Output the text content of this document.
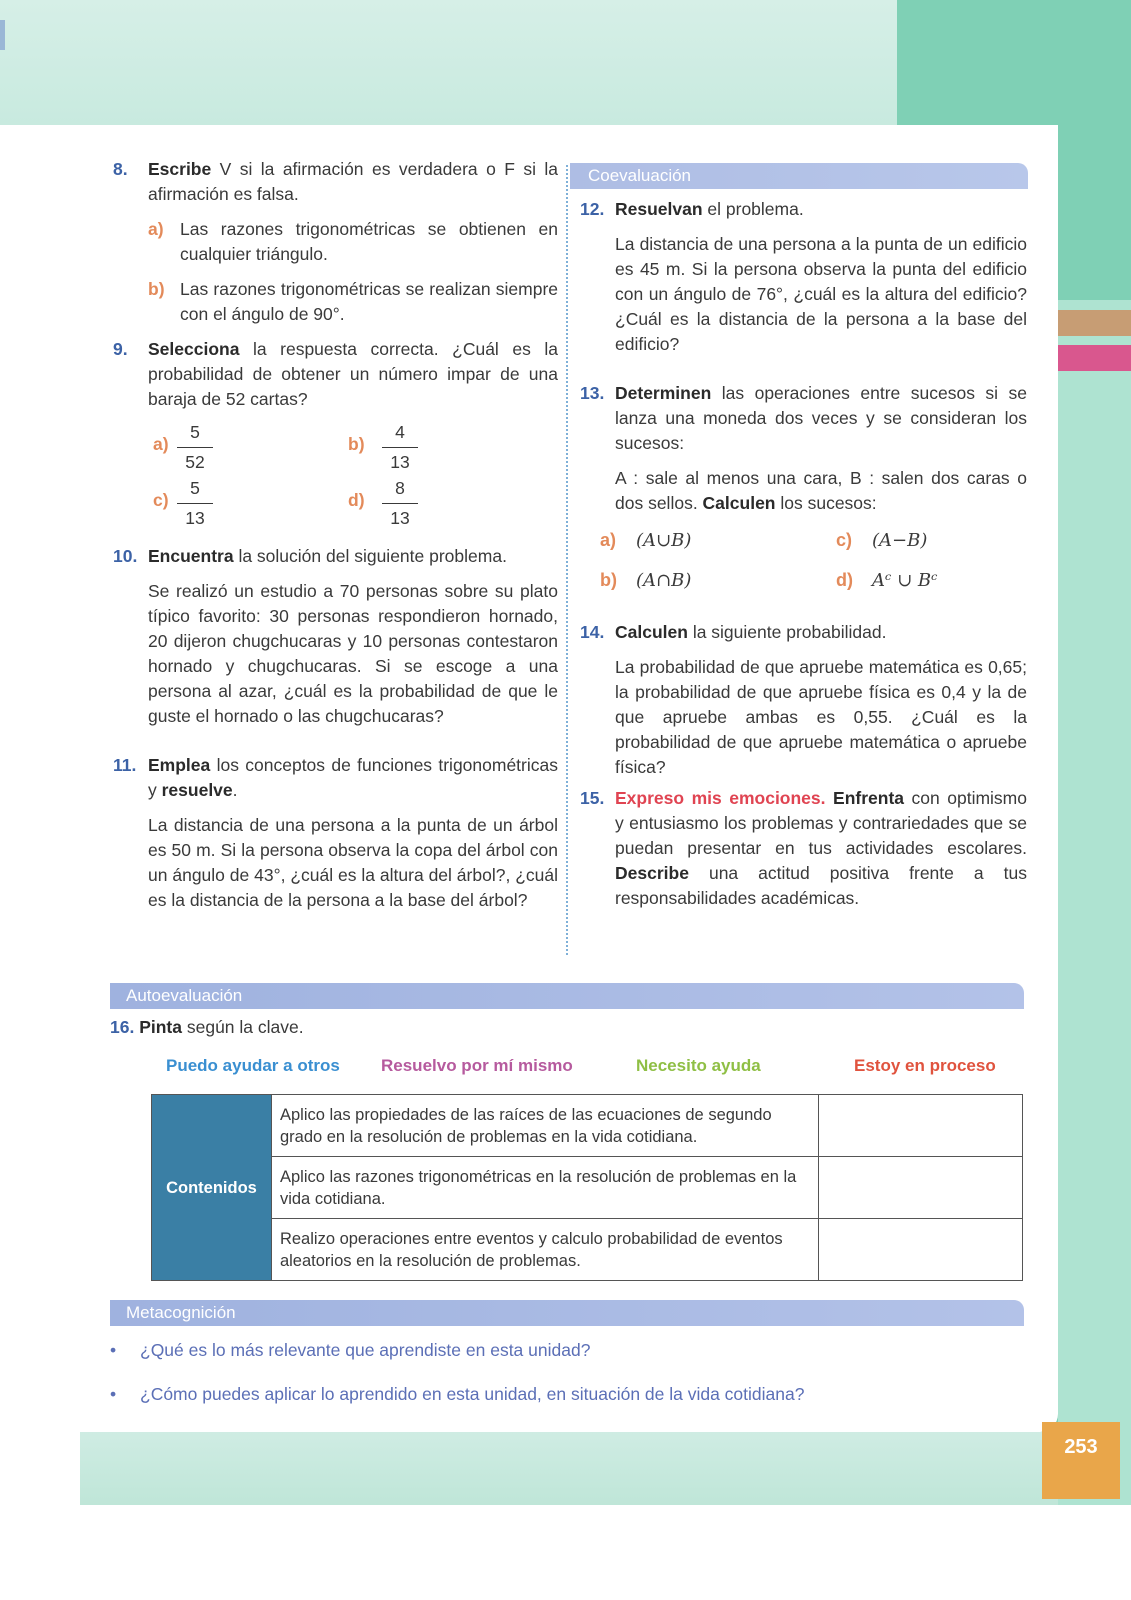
253
Coevaluación
8. Escribe V si la afirmación es verdadera o F si la afirmación es falsa.
a) Las razones trigonométricas se obtienen en cualquier triángulo.
b) Las razones trigonométricas se realizan siempre con el ángulo de 90°.
9. Selecciona la respuesta correcta. ¿Cuál es la probabilidad de obtener un número impar de una baraja de 52 cartas?
$a) \frac{5}{52}$	$b) \frac{4}{13}$
$c) \frac{5}{13}$	$d) \frac{8}{13}$
10. Encuentra la solución del siguiente problema.
Se realizó un estudio a 70 personas sobre su plato típico favorito: 30 personas respondieron hornado, 20 dijeron chugchucaras y 10 personas contestaron hornado y chugchucaras. Si se escoge a una persona al azar, ¿cuál es la probabilidad de que le guste el hornado o las chugchucaras?
11. Emplea los conceptos de funciones trigonométricas y resuelve.
La distancia de una persona a la punta de un árbol es 50 m. Si la persona observa la copa del árbol con un ángulo de 43°, ¿cuál es la altura del árbol?, ¿cuál es la distancia de la persona a la base del árbol?
12. Resuelvan el problema.
La distancia de una persona a la punta de un edificio es 45 m. Si la persona observa la punta del edificio con un ángulo de 76°, ¿cuál es la altura del edificio? ¿Cuál es la distancia de la persona a la base del edificio?
13. Determinen las operaciones entre sucesos si se lanza una moneda dos veces y se consideran los sucesos:
A : sale al menos una cara, B : salen dos caras o dos sellos. Calculen los sucesos:
a) (A∪B)	c) (A−B)
b) (A∩B)	d) Aᶜ ∪ Bᶜ
14. Calculen la siguiente probabilidad.
La probabilidad de que apruebe matemática es 0,65; la probabilidad de que apruebe física es 0,4 y la de que apruebe ambas es 0,55. ¿Cuál es la probabilidad de que apruebe matemática o apruebe física?
15. Expreso mis emociones. Enfrenta con optimismo y entusiasmo los problemas y contrariedades que se puedan presentar en tus actividades escolares. Describe una actitud positiva frente a tus responsabilidades académicas.
Autoevaluación
16. Pinta según la clave.
Puedo ayudar a otros Resuelvo por mí mismo	Necesito ayuda	Estoy en proceso
Contenidos	Aplico las propiedades de las raíces de las ecuaciones de segundo grado en la resolución de problemas en la vida cotidiana.	
	Aplico las razones trigonométricas en la resolución de problemas en la vida cotidiana.	
	Realizo operaciones entre eventos y calculo probabilidad de eventos aleatorios en la resolución de problemas.	
Metacognición
• ¿Qué es lo más relevante que aprendiste en esta unidad?
• ¿Cómo puedes aplicar lo aprendido en esta unidad, en situación de la vida cotidiana?
